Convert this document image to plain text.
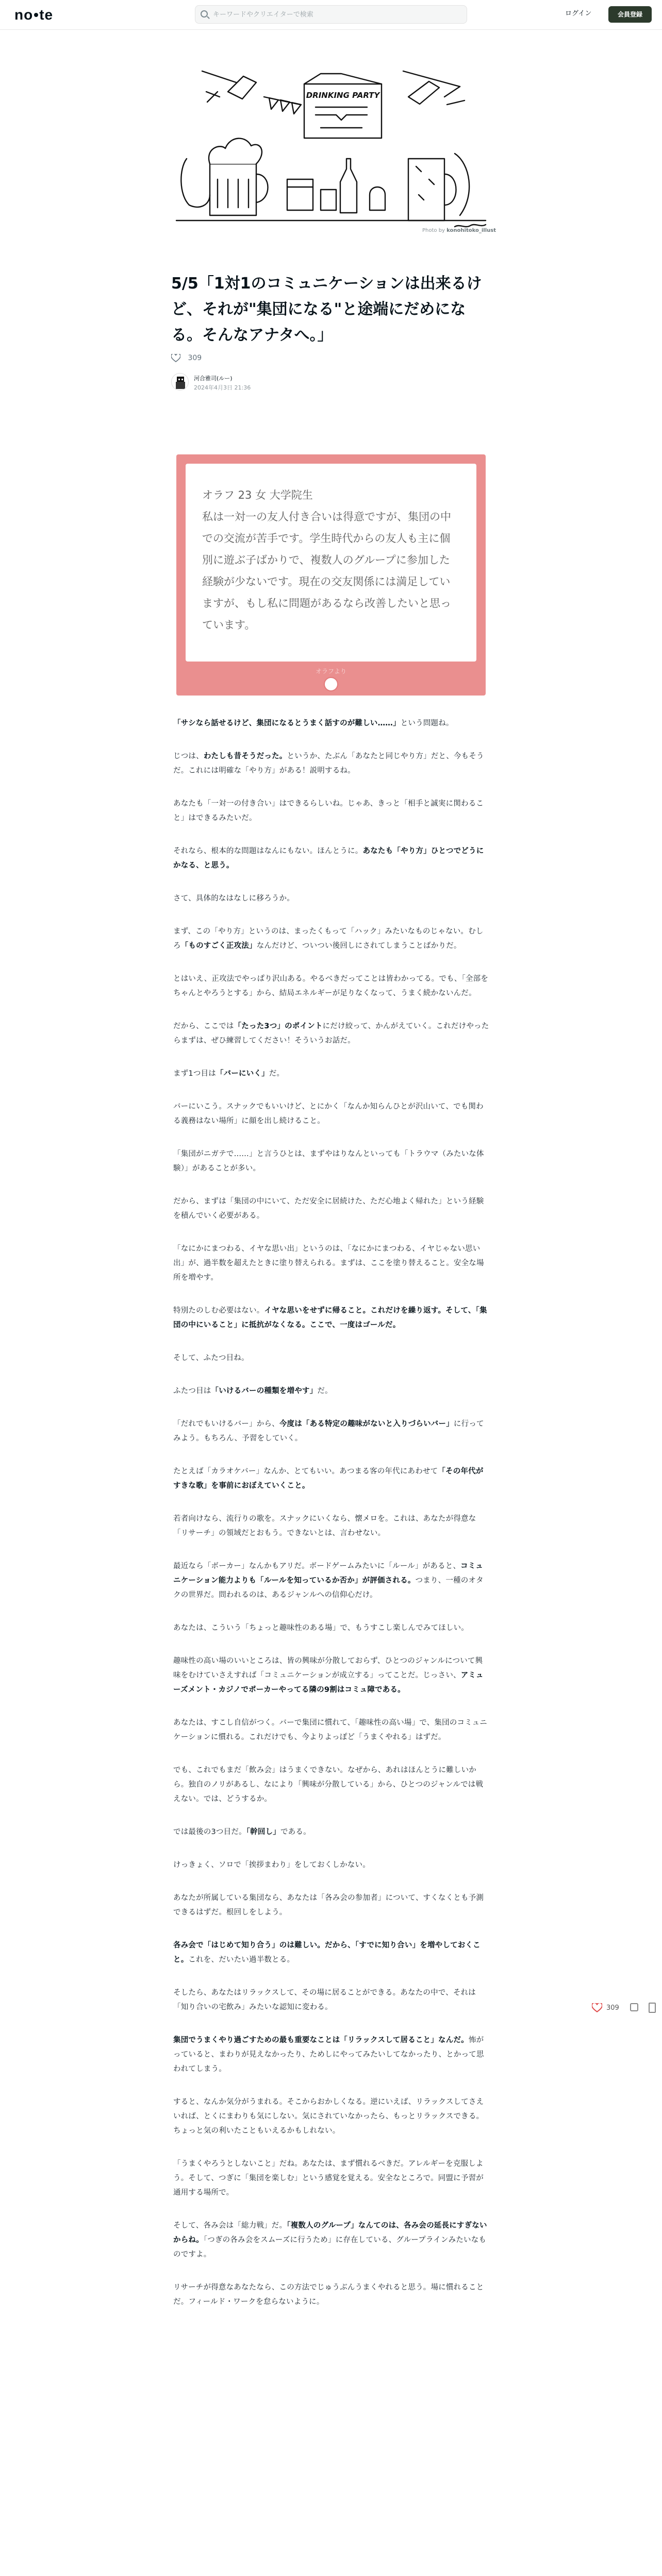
no te
キーワードやクリエイターで検索	ログイン	会員登録
DRINKING PARTY
Photo by konohitoko_illust
5/5「1対1のコミュニケーションは出来るけど、それが"集団になる"と途端にだめになる。そんなアナタへ。」
309
河合雅司(ルー)
2024年4月3日 21:36

オラフ 23 女 大学院生

私は一対一の友人付き合いは得意ですが、集団の中での交流が苦手です。学生時代からの友人も主に個別に遊ぶ子ばかりで、複数人のグループに参加した経験が少ないです。現在の交友関係には満足していますが、もし私に問題があるなら改善したいと思っています。

オラフより

「サシなら話せるけど、集団になるとうまく話すのが難しい……」という問題ね。

じつは、わたしも昔そうだった。というか、たぶん「あなたと同じやり方」だと、今もそうだ。これには明確な「やり方」がある！説明するね。

あなたも「一対一の付き合い」はできるらしいね。じゃあ、きっと「相手と誠実に関わること」はできるみたいだ。

それなら、根本的な問題はなんにもない。ほんとうに。あなたも「やり方」ひとつでどうにかなる、と思う。

さて、具体的なはなしに移ろうか。

まず、この「やり方」というのは、まったくもって「ハック」みたいなものじゃない。むしろ「ものすごく正攻法」なんだけど、ついつい後回しにされてしまうことばかりだ。

とはいえ、正攻法でやっぱり沢山ある。やるべきだってことは皆わかってる。でも、「全部をちゃんとやろうとする」から、結局エネルギーが足りなくなって、うまく続かないんだ。

だから、ここでは「たった3つ」のポイントにだけ絞って、かんがえていく。これだけやったらまずは、ぜひ練習してください！そういうお話だ。

まず1つ目は「バーにいく」だ。

バーにいこう。スナックでもいいけど、とにかく「なんか知らんひとが沢山いて、でも関わる義務はない場所」に顔を出し続けること。

「集団がニガテで……」と言うひとは、まずやはりなんといっても「トラウマ（みたいな体験）」があることが多い。

だから、まずは「集団の中にいて、ただ安全に居続けた、ただ心地よく帰れた」という経験を積んでいく必要がある。

「なにかにまつわる、イヤな思い出」というのは、「なにかにまつわる、イヤじゃない思い出」が、過半数を超えたときに塗り替えられる。まずは、ここを塗り替えること。安全な場所を増やす。

特別たのしむ必要はない。イヤな思いをせずに帰ること。これだけを繰り返す。そして、「集団の中にいること」に抵抗がなくなる。ここで、一度はゴールだ。

そして、ふたつ目ね。

ふたつ目は「いけるバーの種類を増やす」だ。

「だれでもいけるバー」から、今度は「ある特定の趣味がないと入りづらいバー」に行ってみよう。もちろん、予習をしていく。

たとえば「カラオケバー」なんか、とてもいい。あつまる客の年代にあわせて「その年代がすきな歌」を事前におぼえていくこと。

若者向けなら、流行りの歌を。スナックにいくなら、懐メロを。これは、あなたが得意な「リサーチ」の領域だとおもう。できないとは、言わせない。

最近なら「ボーカー」なんかもアリだ。ボードゲームみたいに「ルール」があると、コミュニケーション能力よりも「ルールを知っているか否か」が評価される。つまり、一種のオタクの世界だ。問われるのは、あるジャンルへの信仰心だけ。

あなたは、こういう「ちょっと趣味性のある場」で、もうすこし楽しんでみてほしい。

趣味性の高い場のいいところは、皆の興味が分散しておらず、ひとつのジャンルについて興味をむけていさえすれば「コミュニケーションが成立する」ってことだ。じっさい、アミューズメント・カジノでポーカーやってる隣の9割はコミュ障である。

あなたは、すこし自信がつく。バーで集団に慣れて、「趣味性の高い場」で、集団のコミュニケーションに慣れる。これだけでも、今よりよっぽど「うまくやれる」はずだ。

でも、これでもまだ「飲み会」はうまくできない。なぜから、あれはほんとうに難しいから。独自のノリがあるし、なにより「興味が分散している」から、ひとつのジャンルでは戦えない。では、どうするか。

では最後の3つ目だ。「幹回し」である。

けっきょく、ソロで「挨拶まわり」をしておくしかない。

あなたが所属している集団なら、あなたは「各み会の参加者」について、すくなくとも予測できるはずだ。根回しをしよう。

各み会で「はじめて知り合う」のは難しい。だから、「すでに知り合い」を増やしておくこと。これを、だいたい過半数とる。

そしたら、あなたはリラックスして、その場に居ることができる。あなたの中で、それは「知り合いの宅飲み」みたいな認知に変わる。

集団でうまくやり過ごすための最も重要なことは「リラックスして居ること」なんだ。怖がっていると、まわりが見えなかったり、ためしにやってみたいしてなかったり、とかって思われてしまう。

すると、なんか気分がうまれる。そこからおかしくなる。逆にいえば、リラックスしてさえいれば、とくにまわりも気にしない。気にされていなかったら、もっとリラックスできる。ちょっと気の利いたこともいえるかもしれない。

「うまくやろうとしないこと」だね。あなたは、まず慣れるべきだ。アレルギーを克服しよう。そして、つぎに「集団を楽しむ」という感覚を覚える。安全なところで。同盟に予習が通用する場所で。

そして、各み会は「総力戦」だ。「複数人のグループ」なんてのは、各み会の延長にすぎないからね。「つぎの各み会をスムーズに行うため」に存在している、グループラインみたいなものですよ。

リサーチが得意なあなたなら、この方法でじゅうぶんうまくやれると思う。場に慣れることだ。フィールド・ワークを怠らないように。

309
